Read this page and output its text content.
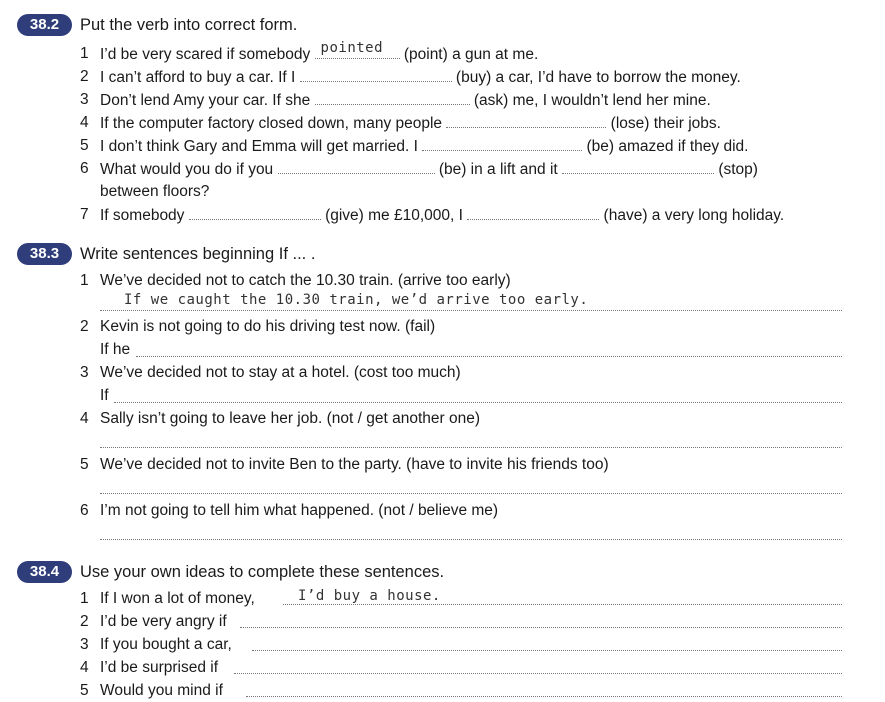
38.2	Put the verb into correct form.
1 I’d be very scared if somebody pointed (point) a gun at me.
2 I can’t afford to buy a car. If I	(buy) a car, I’d have to borrow the money.
3 Don’t lend Amy your car. If she	(ask) me, I wouldn’t lend her mine.
4 If the computer factory closed down, many people	(lose) their jobs.
5 I don’t think Gary and Emma will get married. I	(be) amazed if they did.
6 What would you do if you	(be) in a lift and it	(stop)
between floors?
7 If somebody	(give) me £10,000, I	(have) a very long holiday.
38.3	Write sentences beginning If ... .
1 We’ve decided not to catch the 10.30 train. (arrive too early)
If we caught the 10.30 train, we’d arrive too early.
2 Kevin is not going to do his driving test now. (fail)
If he
3 We’ve decided not to stay at a hotel. (cost too much)
If
4 Sally isn’t going to leave her job. (not / get another one)
5 We’ve decided not to invite Ben to the party. (have to invite his friends too)
6 I’m not going to tell him what happened. (not / believe me)
38.4	Use your own ideas to complete these sentences.
1 If I won a lot of money,	I’d buy a house.
2 I’d be very angry if
3 If you bought a car,
4 I’d be surprised if
5 Would you mind if
